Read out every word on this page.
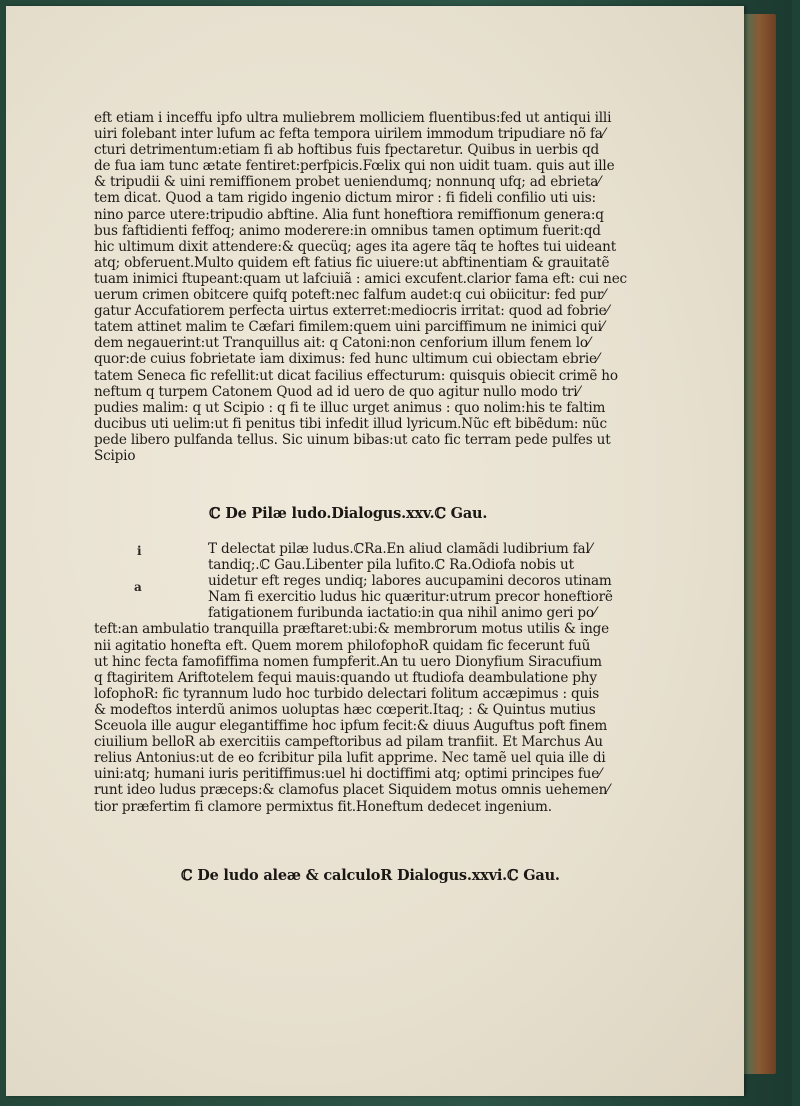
eft etiam i inceffu ipfo ultra muliebrem molliciem fluentibus:fed ut antiqui illi
uiri folebant inter lufum ac fefta tempora uirilem immodum tripudiare nõ fa⁄
cturi detrimentum:etiam fi ab hoftibus fuis fpectaretur. Quibus in uerbis qd
de fua iam tunc ætate fentiret:perfpicis.Fœlix qui non uidit tuam. quis aut ille
& tripudii & uini remiffionem probet ueniendumq; nonnunq ufq; ad ebrieta⁄
tem dicat. Quod a tam rigido ingenio dictum miror : fi fideli confilio uti uis:
nino parce utere:tripudio abftine. Alia funt honeftiora remiffionum genera:q
bus faftidienti feffoq; animo moderere:in omnibus tamen optimum fuerit:qd
hic ultimum dixit attendere:& quecüq; ages ita agere tãq te hoftes tui uideant
atq; obferuent.Multo quidem eft fatius fic uiuere:ut abftinentiam & grauitatẽ
tuam inimici ftupeant:quam ut lafciuiã : amici excufent.clarior fama eft: cui nec
uerum crimen obitcere quifq poteft:nec falfum audet:q cui obiicitur: fed pur⁄
gatur Accufatiorem perfecta uirtus exterret:mediocris irritat: quod ad fobrie⁄
tatem attinet malim te Cæfari fimilem:quem uini parciffimum ne inimici qui⁄
dem negauerint:ut Tranquillus ait: q Catoni:non cenforium illum fenem lo⁄
quor:de cuius fobrietate iam diximus: fed hunc ultimum cui obiectam ebrie⁄
tatem Seneca fic refellit:ut dicat facilius effecturum: quisquis obiecit crimẽ ho
neftum q turpem Catonem Quod ad id uero de quo agitur nullo modo tri⁄
pudies malim: q ut Scipio : q fi te illuc urget animus : quo nolim:his te faltim
ducibus uti uelim:ut fi penitus tibi infedit illud lyricum.Nũc eft bibẽdum: nũc
pede libero pulfanda tellus. Sic uinum bibas:ut cato fic terram pede pulfes ut
Scipio
ℂ De Pilæ ludo.Dialogus.xxv.ℂ Gau.
i
a
T delectat pilæ ludus.ℂRa.En aliud clamãdi ludibrium fal⁄
tandiq;.ℂ Gau.Libenter pila lufito.ℂ Ra.Odiofa nobis ut
uidetur eft reges undiq; labores aucupamini decoros utinam
Nam fi exercitio ludus hic quæritur:utrum precor honeftiorẽ
fatigationem furibunda iactatio:in qua nihil animo geri po⁄
teft:an ambulatio tranquilla præftaret:ubi:& membrorum motus utilis & inge
nii agitatio honefta eft. Quem morem philofophoR quidam fic fecerunt fuũ
ut hinc fecta famofiffima nomen fumpferit.An tu uero Dionyfium Siracufium
q ftagiritem Ariftotelem fequi mauis:quando ut ftudiofa deambulatione phy
lofophoR: fic tyrannum ludo hoc turbido delectari folitum accæpimus : quis
& modeftos interdũ animos uoluptas hæc cœperit.Itaq; : & Quintus mutius
Sceuola ille augur elegantiffime hoc ipfum fecit:& diuus Auguftus poft finem
ciuilium belloR ab exercitiis campeftoribus ad pilam tranfiit. Et Marchus Au
relius Antonius:ut de eo fcribitur pila lufit apprime. Nec tamẽ uel quia ille di
uini:atq; humani iuris peritiffimus:uel hi doctiffimi atq; optimi principes fue⁄
runt ideo ludus præceps:& clamofus placet Siquidem motus omnis uehemen⁄
tior præfertim fi clamore permixtus fit.Honeftum dedecet ingenium.
ℂ De ludo aleæ & calculoR Dialogus.xxvi.ℂ Gau.
